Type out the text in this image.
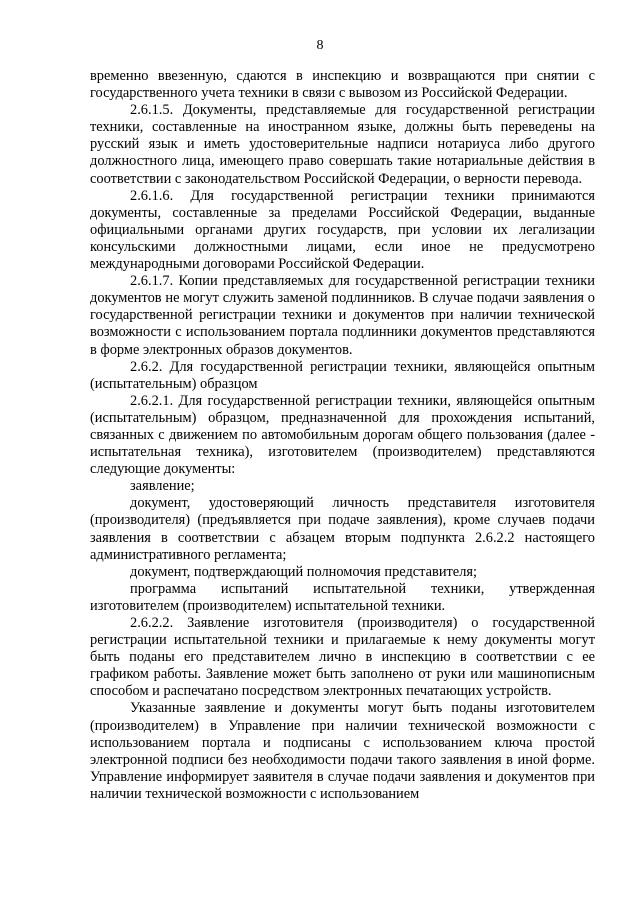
8

временно ввезенную, сдаются в инспекцию и возвращаются при снятии с государственного учета техники в связи с вывозом из Российской Федерации.

2.6.1.5. Документы, представляемые для государственной регистрации техники, составленные на иностранном языке, должны быть переведены на русский язык и иметь удостоверительные надписи нотариуса либо другого должностного лица, имеющего право совершать такие нотариальные действия в соответствии с законодательством Российской Федерации, о верности перевода.

2.6.1.6. Для государственной регистрации техники принимаются документы, составленные за пределами Российской Федерации, выданные официальными органами других государств, при условии их легализации консульскими должностными лицами, если иное не предусмотрено международными договорами Российской Федерации.

2.6.1.7. Копии представляемых для государственной регистрации техники документов не могут служить заменой подлинников. В случае подачи заявления о государственной регистрации техники и документов при наличии технической возможности с использованием портала подлинники документов представляются в форме электронных образов документов.

2.6.2. Для государственной регистрации техники, являющейся опытным (испытательным) образцом

2.6.2.1. Для государственной регистрации техники, являющейся опытным (испытательным) образцом, предназначенной для прохождения испытаний, связанных с движением по автомобильным дорогам общего пользования (далее - испытательная техника), изготовителем (производителем) представляются следующие документы:

заявление;

документ, удостоверяющий личность представителя изготовителя (производителя) (предъявляется при подаче заявления), кроме случаев подачи заявления в соответствии с абзацем вторым подпункта 2.6.2.2 настоящего административного регламента;

документ, подтверждающий полномочия представителя;

программа испытаний испытательной техники, утвержденная изготовителем (производителем) испытательной техники.

2.6.2.2. Заявление изготовителя (производителя) о государственной регистрации испытательной техники и прилагаемые к нему документы могут быть поданы его представителем лично в инспекцию в соответствии с ее графиком работы. Заявление может быть заполнено от руки или машинописным способом и распечатано посредством электронных печатающих устройств.

Указанные заявление и документы могут быть поданы изготовителем (производителем) в Управление при наличии технической возможности с использованием портала и подписаны с использованием ключа простой электронной подписи без необходимости подачи такого заявления в иной форме. Управление информирует заявителя в случае подачи заявления и документов при наличии технической возможности с использованием
